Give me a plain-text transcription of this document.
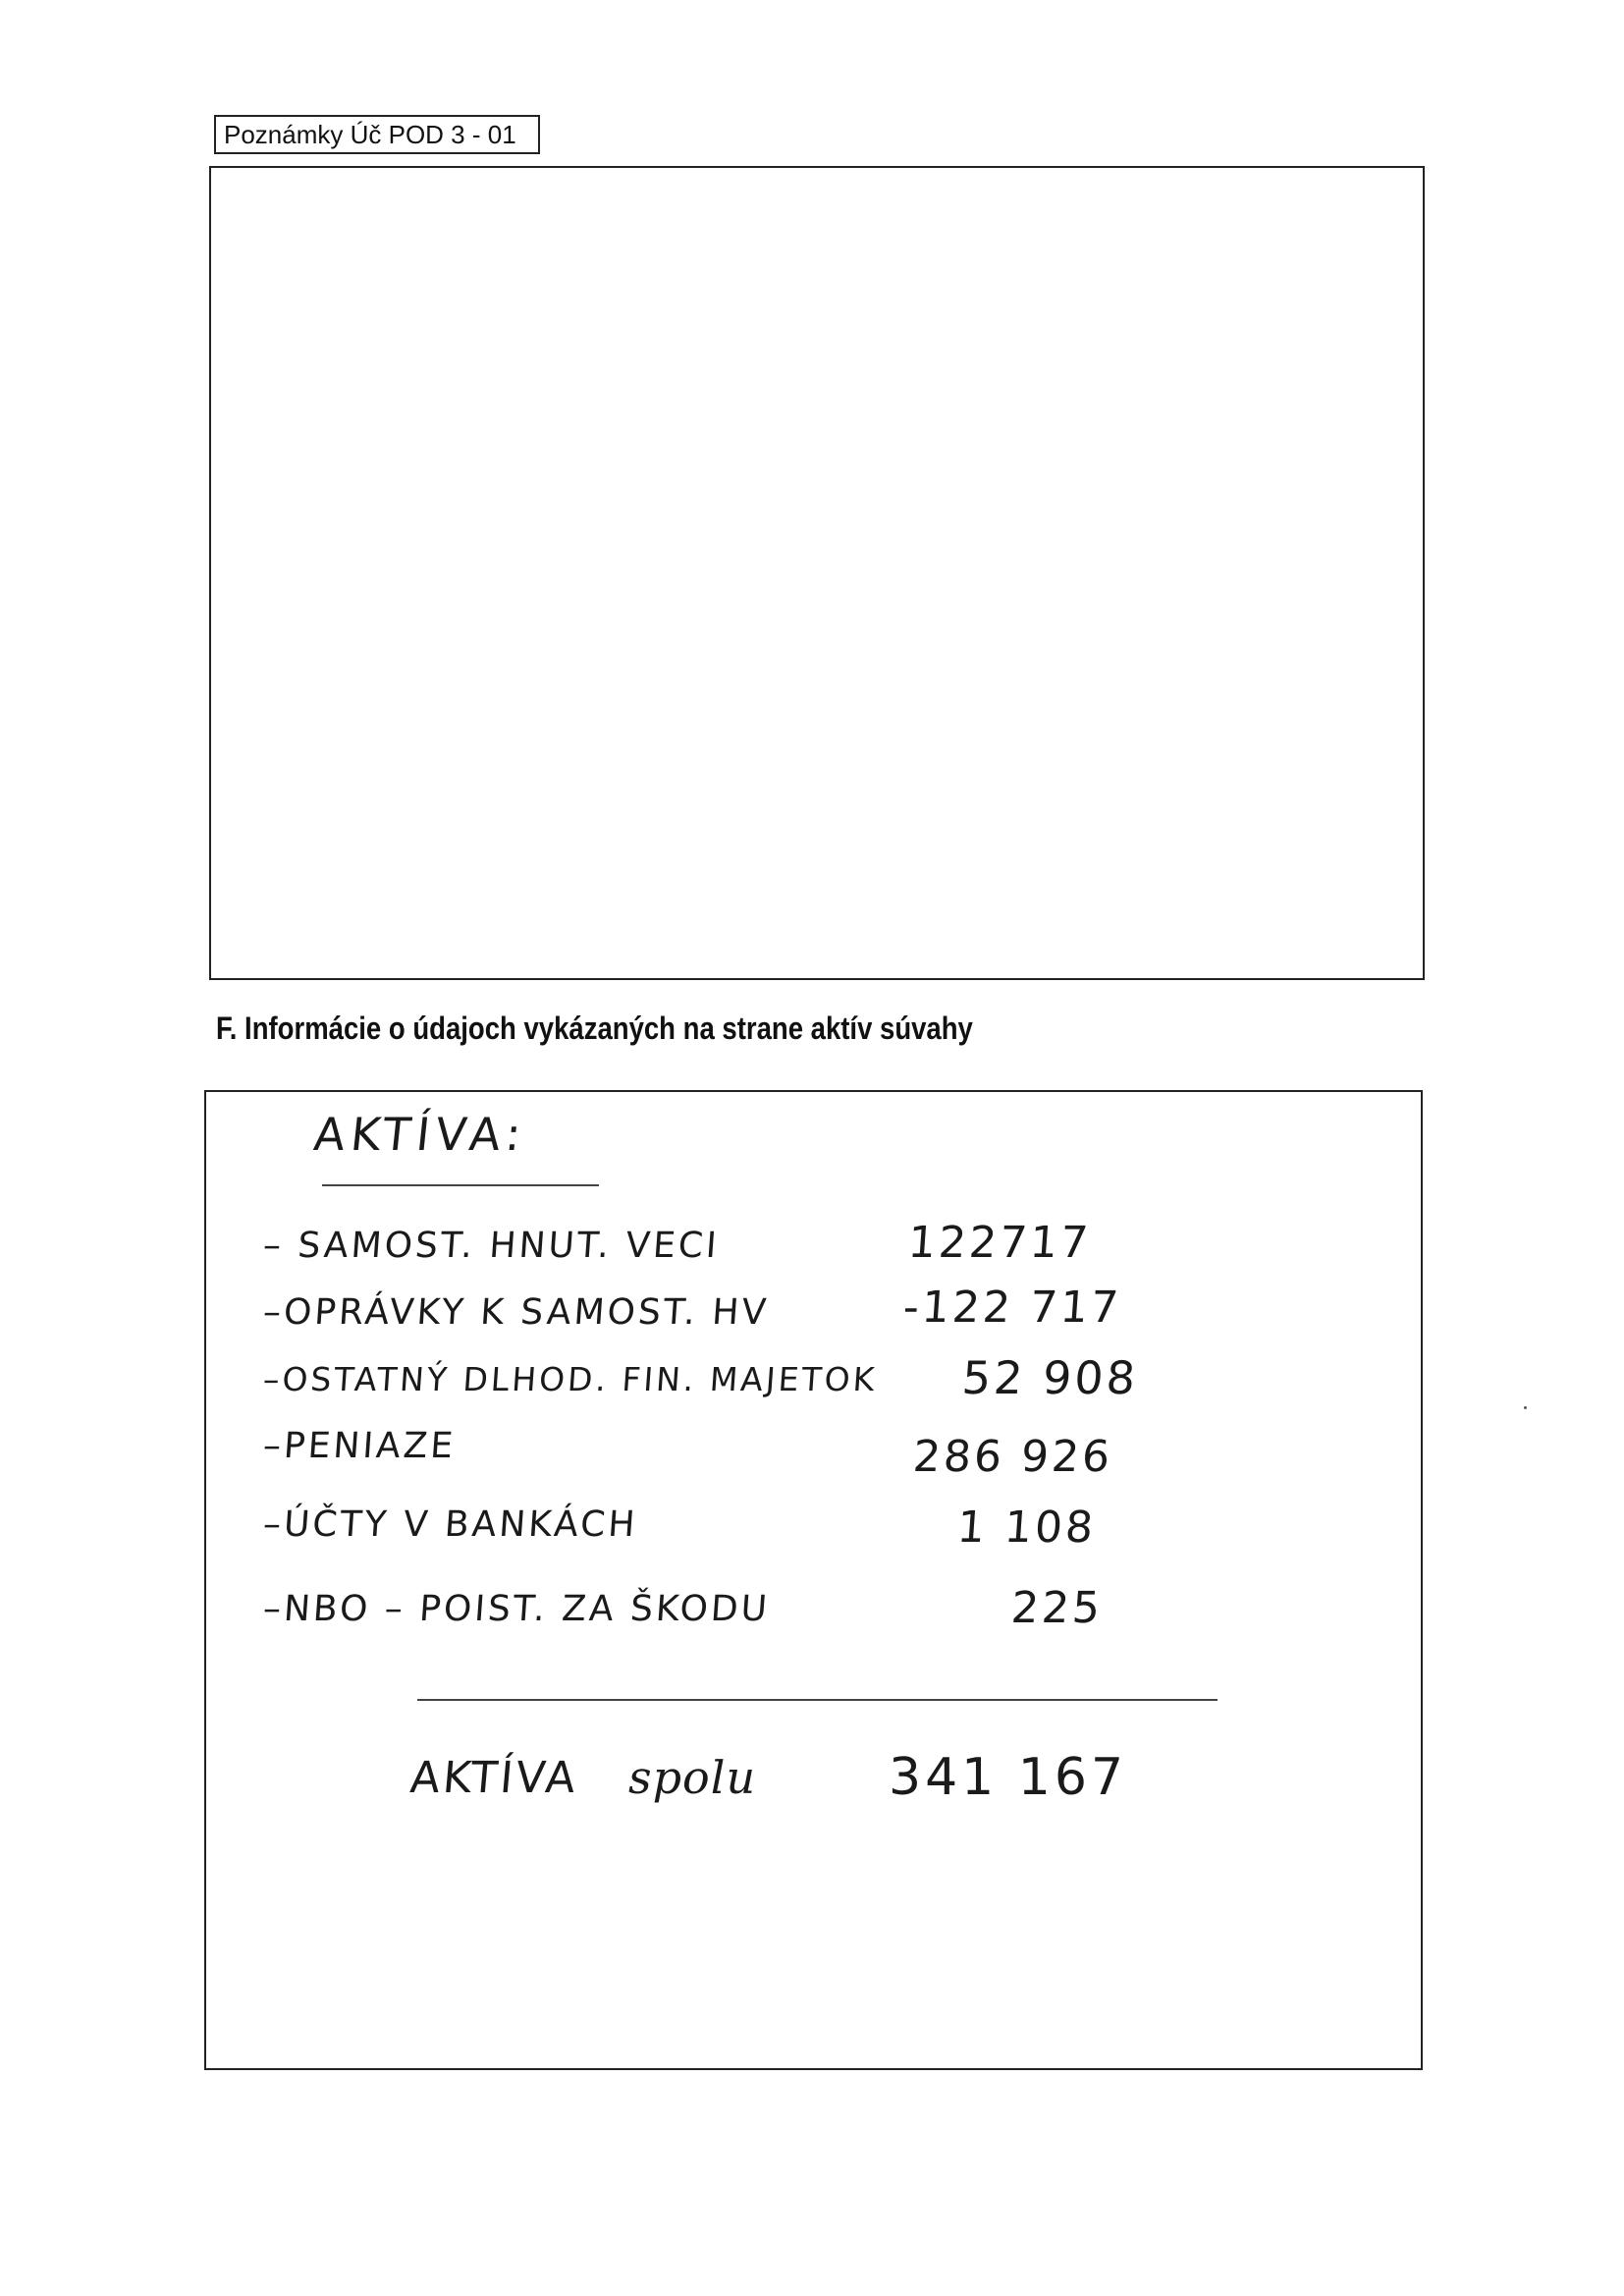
Poznámky Úč POD 3 - 01
F. Informácie o údajoch vykázaných na strane aktív súvahy
AKTÍVA:
– SAMOST. HNUT. VECI	122717
–OPRÁVKY K SAMOST. HV	-122 717
–OSTATNÝ DLHOD. FIN. MAJETOK 52 908
–PENIAZE	286 926
–ÚČTY V BANKÁCH	1 108
–NBO – POIST. ZA ŠKODU	225
AKTÍVA spolu	341 167
